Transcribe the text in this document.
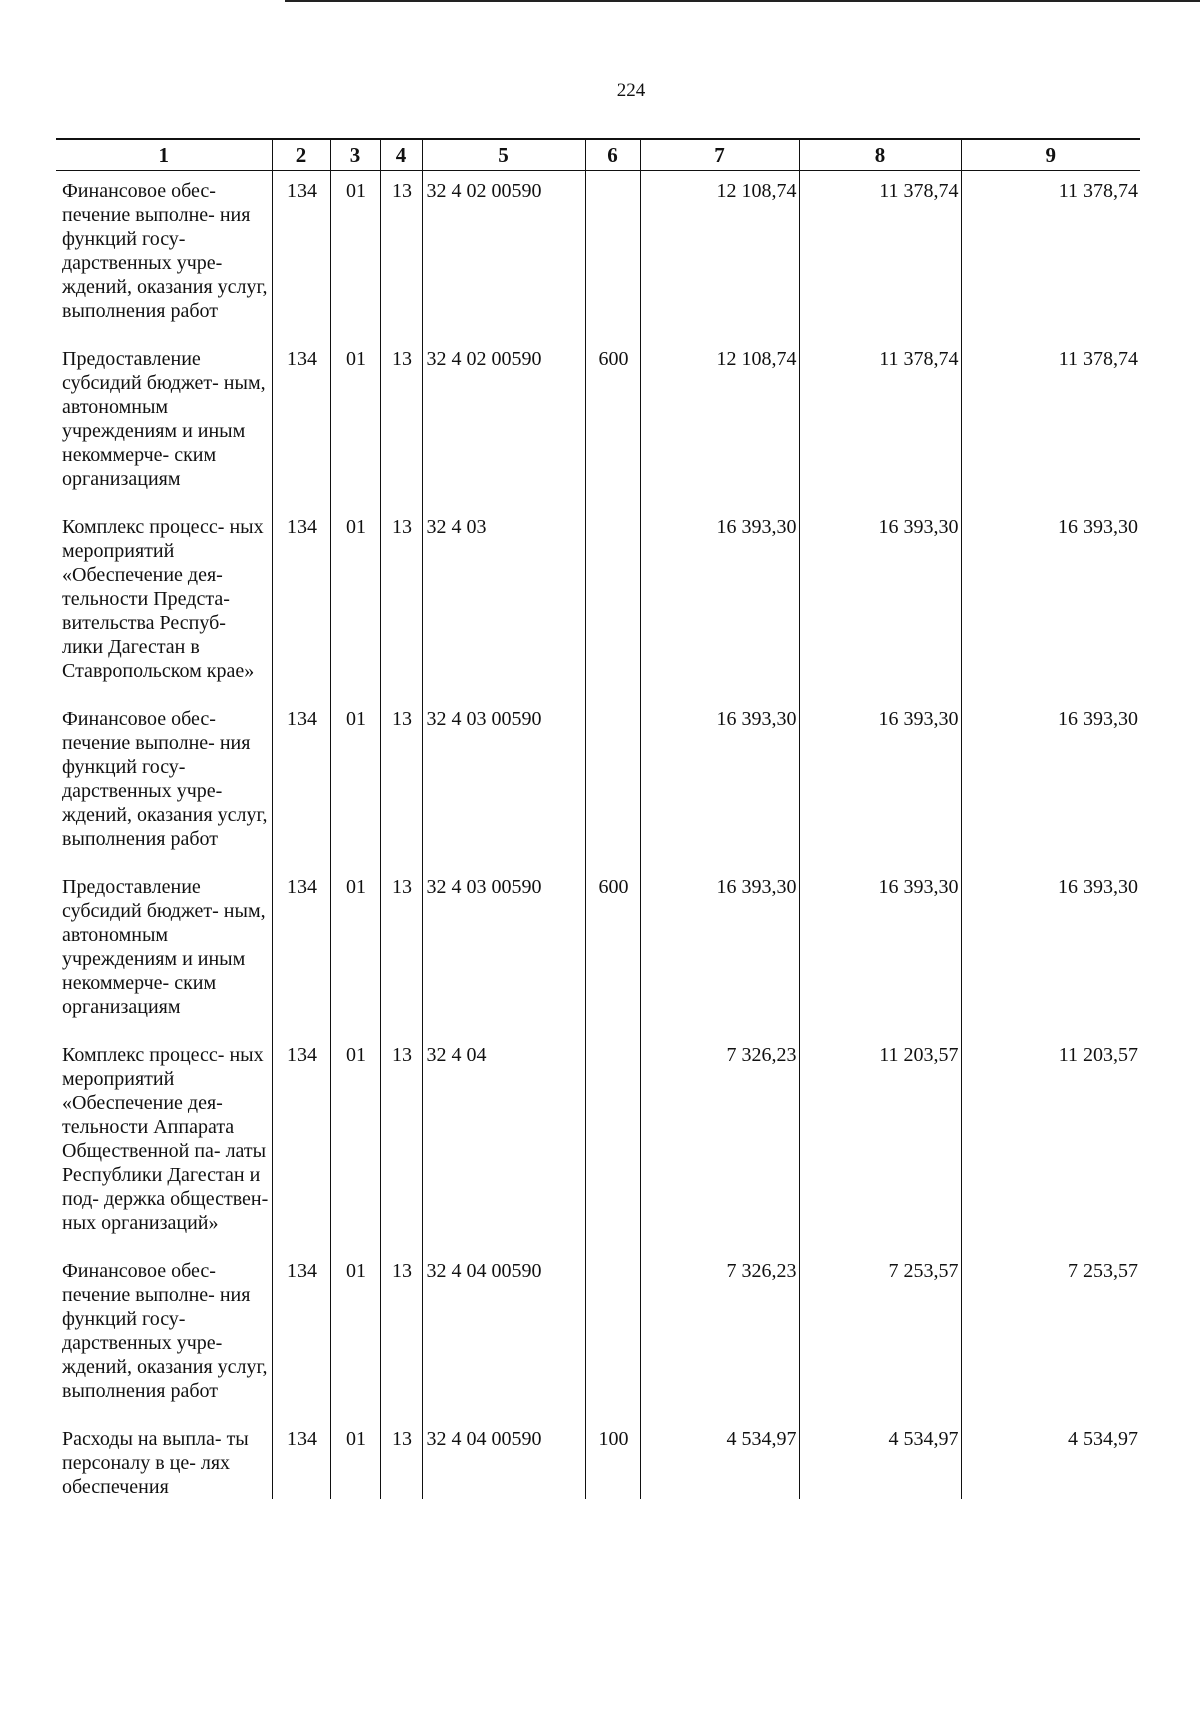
224
1	2	3	4	5	6	7	8	9
Финансовое обес- печение выполне- ния функций госу- дарственных учре- ждений, оказания услуг, выполнения работ	134	01	13	32 4 02 00590		12 108,74	11 378,74	11 378,74
Предоставление субсидий бюджет- ным, автономным учреждениям и иным некоммерче- ским организациям	134	01	13	32 4 02 00590	600	12 108,74	11 378,74	11 378,74
Комплекс процесс- ных мероприятий «Обеспечение дея- тельности Предста- вительства Респуб- лики Дагестан в Ставропольском крае»	134	01	13	32 4 03		16 393,30	16 393,30	16 393,30
Финансовое обес- печение выполне- ния функций госу- дарственных учре- ждений, оказания услуг, выполнения работ	134	01	13	32 4 03 00590		16 393,30	16 393,30	16 393,30
Предоставление субсидий бюджет- ным, автономным учреждениям и иным некоммерче- ским организациям	134	01	13	32 4 03 00590	600	16 393,30	16 393,30	16 393,30
Комплекс процесс- ных мероприятий «Обеспечение дея- тельности Аппарата Общественной па- латы Республики Дагестан и под- держка обществен- ных организаций»	134	01	13	32 4 04		7 326,23	11 203,57	11 203,57
Финансовое обес- печение выполне- ния функций госу- дарственных учре- ждений, оказания услуг, выполнения работ	134	01	13	32 4 04 00590		7 326,23	7 253,57	7 253,57
Расходы на выпла- ты персоналу в це- лях обеспечения	134	01	13	32 4 04 00590	100	4 534,97	4 534,97	4 534,97
